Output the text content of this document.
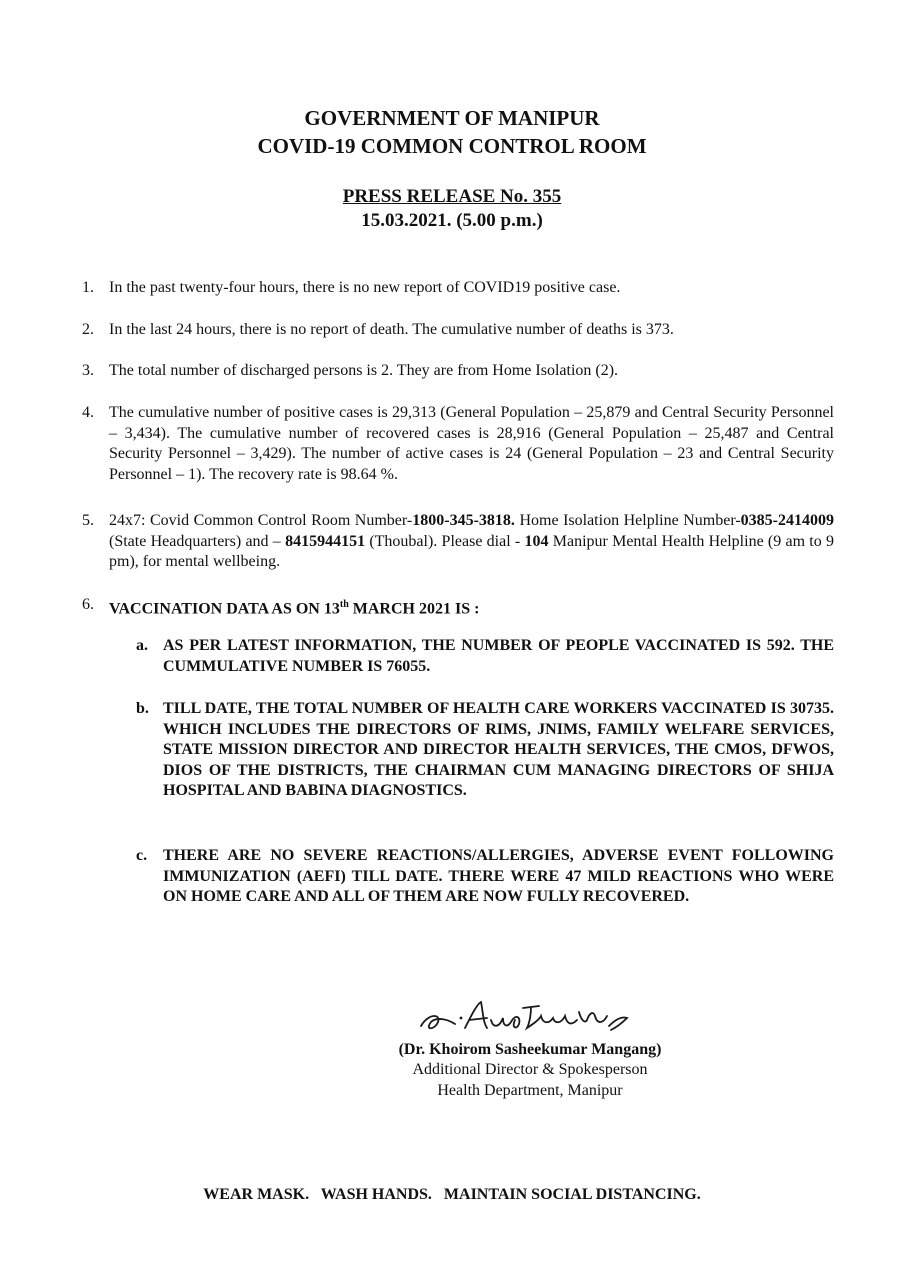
GOVERNMENT OF MANIPUR
COVID-19 COMMON CONTROL ROOM
PRESS RELEASE No. 355
15.03.2021. (5.00 p.m.)
1. In the past twenty-four hours, there is no new report of COVID19 positive case.
2. In the last 24 hours, there is no report of death. The cumulative number of deaths is 373.
3. The total number of discharged persons is 2. They are from Home Isolation (2).
4. The cumulative number of positive cases is 29,313 (General Population – 25,879 and Central Security Personnel – 3,434). The cumulative number of recovered cases is 28,916 (General Population – 25,487 and Central Security Personnel – 3,429). The number of active cases is 24 (General Population – 23 and Central Security Personnel – 1). The recovery rate is 98.64 %.
5. 24x7: Covid Common Control Room Number-1800-345-3818. Home Isolation Helpline Number-0385-2414009 (State Headquarters) and – 8415944151 (Thoubal). Please dial - 104 Manipur Mental Health Helpline (9 am to 9 pm), for mental wellbeing.
6. VACCINATION DATA AS ON 13th MARCH 2021 IS :
a. AS PER LATEST INFORMATION, THE NUMBER OF PEOPLE VACCINATED IS 592. THE CUMMULATIVE NUMBER IS 76055.
b. TILL DATE, THE TOTAL NUMBER OF HEALTH CARE WORKERS VACCINATED IS 30735. WHICH INCLUDES THE DIRECTORS OF RIMS, JNIMS, FAMILY WELFARE SERVICES, STATE MISSION DIRECTOR AND DIRECTOR HEALTH SERVICES, THE CMOS, DFWOS, DIOS OF THE DISTRICTS, THE CHAIRMAN CUM MANAGING DIRECTORS OF SHIJA HOSPITAL AND BABINA DIAGNOSTICS.
c. THERE ARE NO SEVERE REACTIONS/ALLERGIES, ADVERSE EVENT FOLLOWING IMMUNIZATION (AEFI) TILL DATE. THERE WERE 47 MILD REACTIONS WHO WERE ON HOME CARE AND ALL OF THEM ARE NOW FULLY RECOVERED.
(Dr. Khoirom Sasheekumar Mangang)
Additional Director & Spokesperson
Health Department, Manipur
WEAR MASK.   WASH HANDS.   MAINTAIN SOCIAL DISTANCING.
